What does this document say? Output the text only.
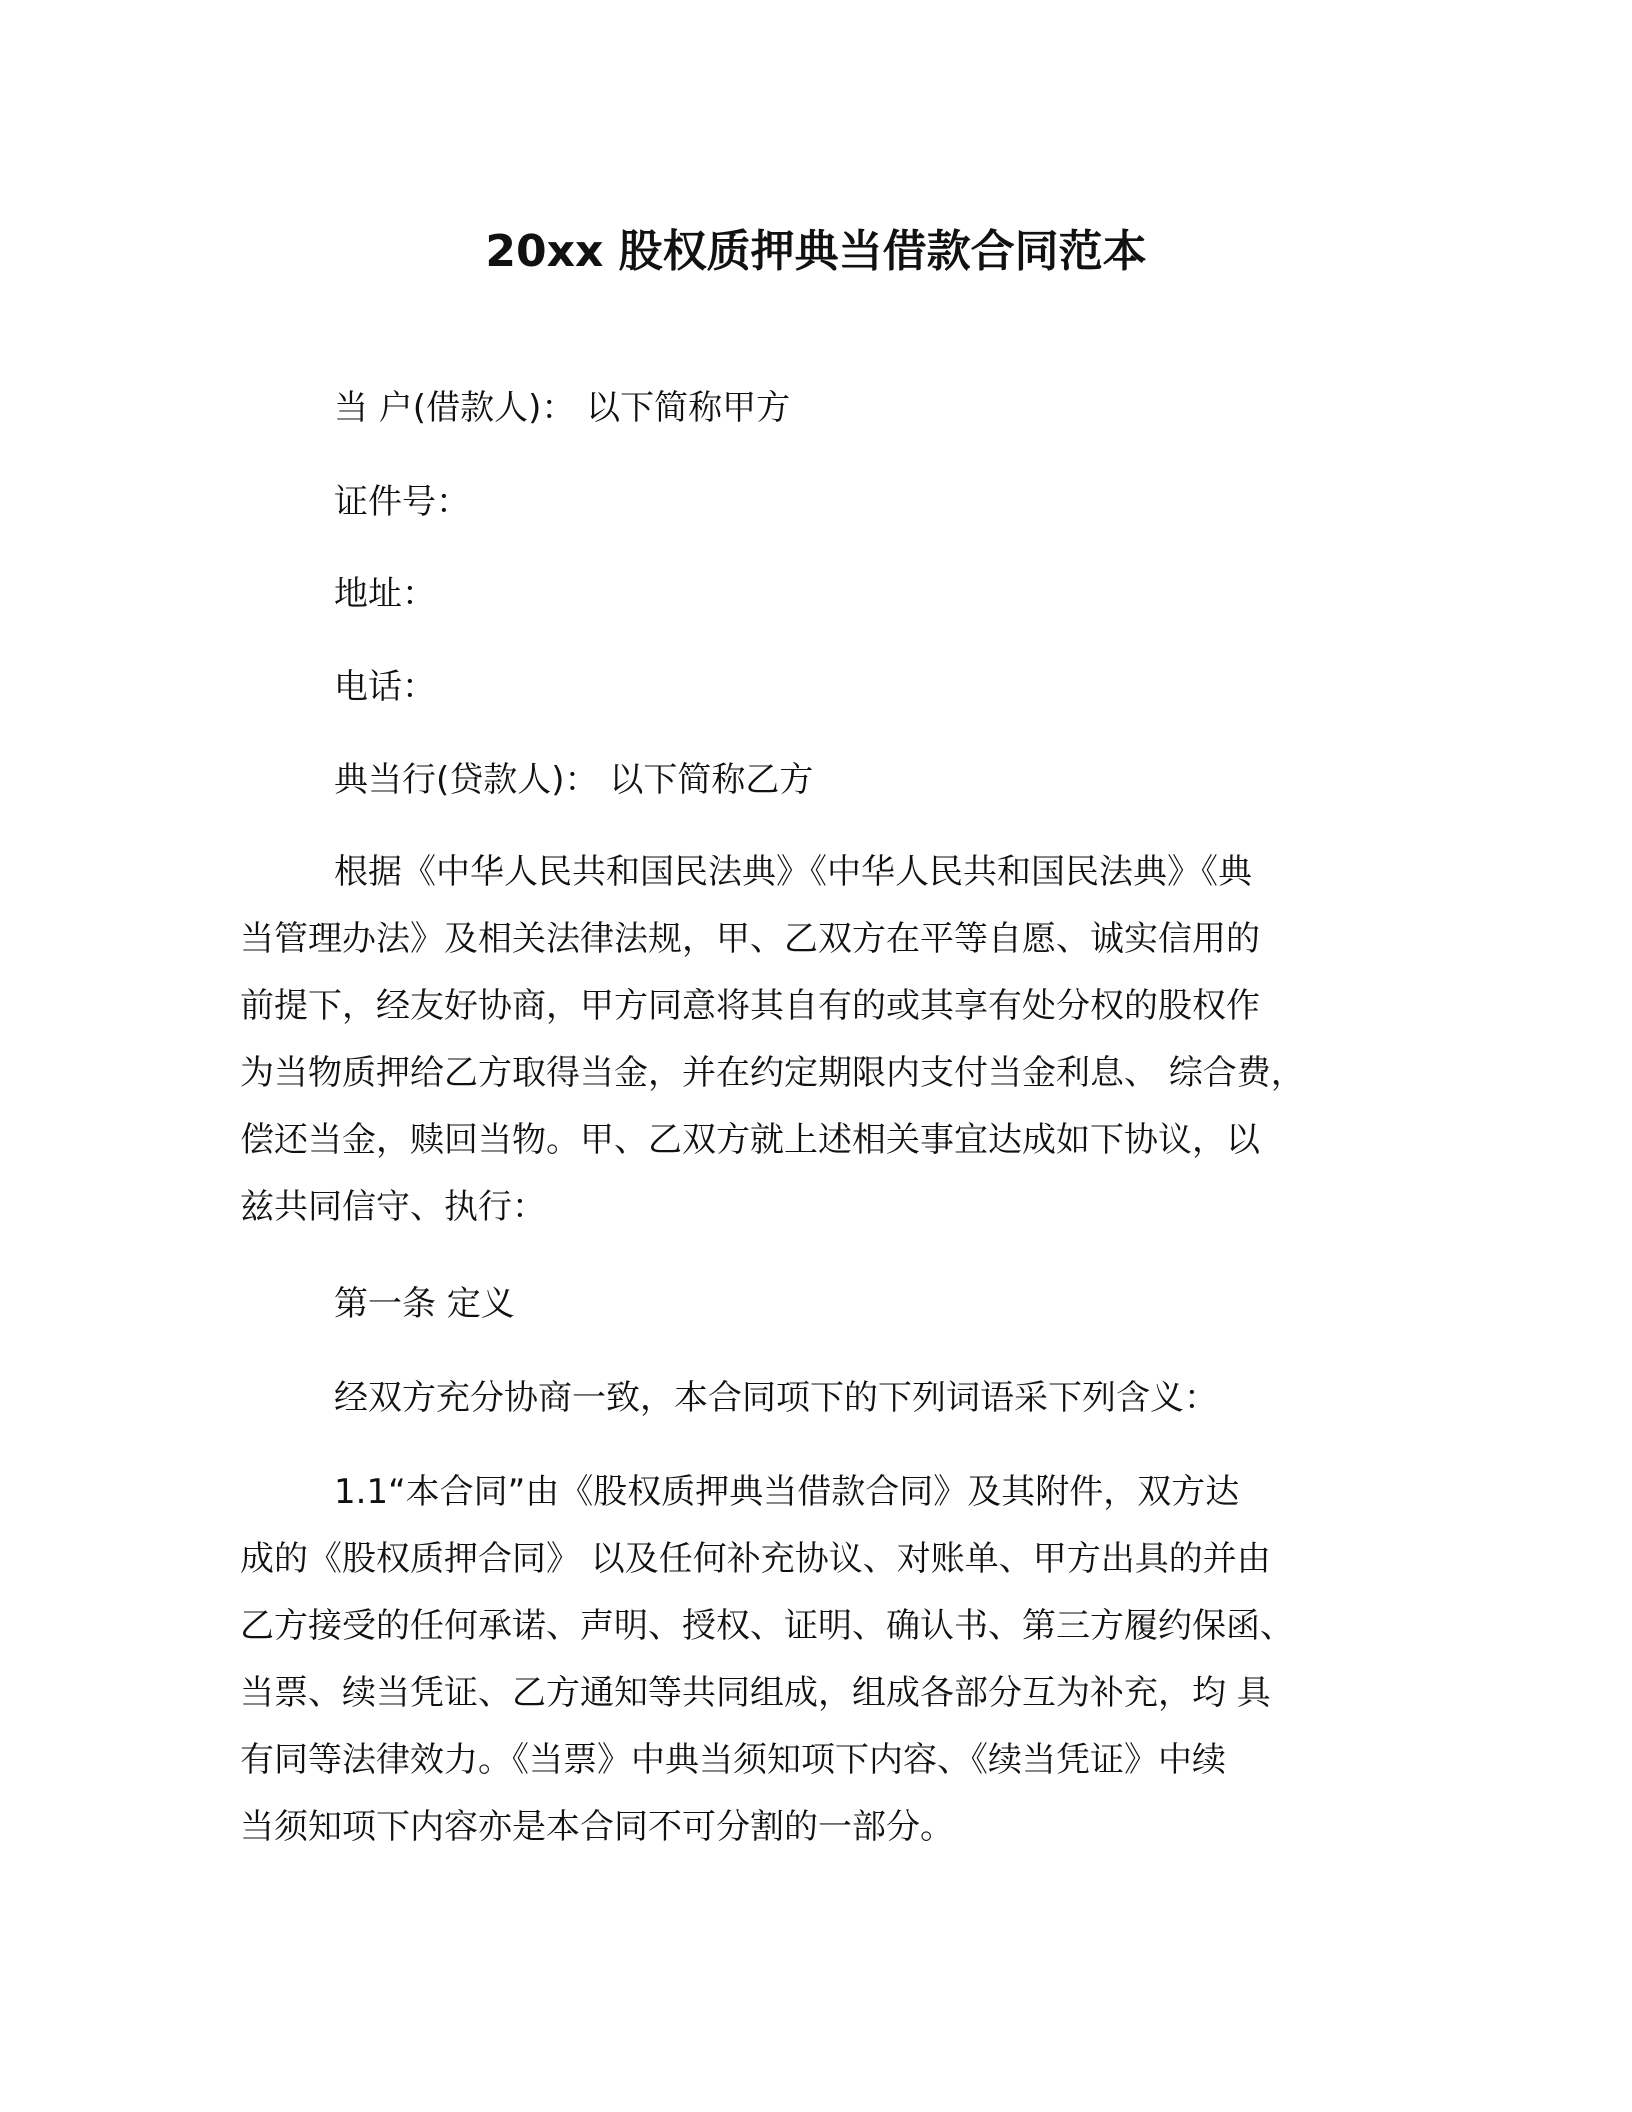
20xx 股权质押典当借款合同范本
当 户(借款人)： 以下简称甲方
证件号：
地址：
电话：
典当行(贷款人)： 以下简称乙方
根据《中华人民共和国民法典》《中华人民共和国民法典》《典
当管理办法》及相关法律法规，甲、乙双方在平等自愿、诚实信用的
前提下，经友好协商，甲方同意将其自有的或其享有处分权的股权作
为当物质押给乙方取得当金，并在约定期限内支付当金利息、 综合费，
偿还当金，赎回当物。甲、乙双方就上述相关事宜达成如下协议，以
兹共同信守、执行：
第一条 定义
经双方充分协商一致，本合同项下的下列词语采下列含义：
1.1“本合同”由《股权质押典当借款合同》及其附件，双方达
成的《股权质押合同》 以及任何补充协议、对账单、甲方出具的并由
乙方接受的任何承诺、声明、授权、证明、确认书、第三方履约保函、
当票、续当凭证、乙方通知等共同组成，组成各部分互为补充，均 具
有同等法律效力。《当票》中典当须知项下内容、《续当凭证》中续
当须知项下内容亦是本合同不可分割的一部分。
